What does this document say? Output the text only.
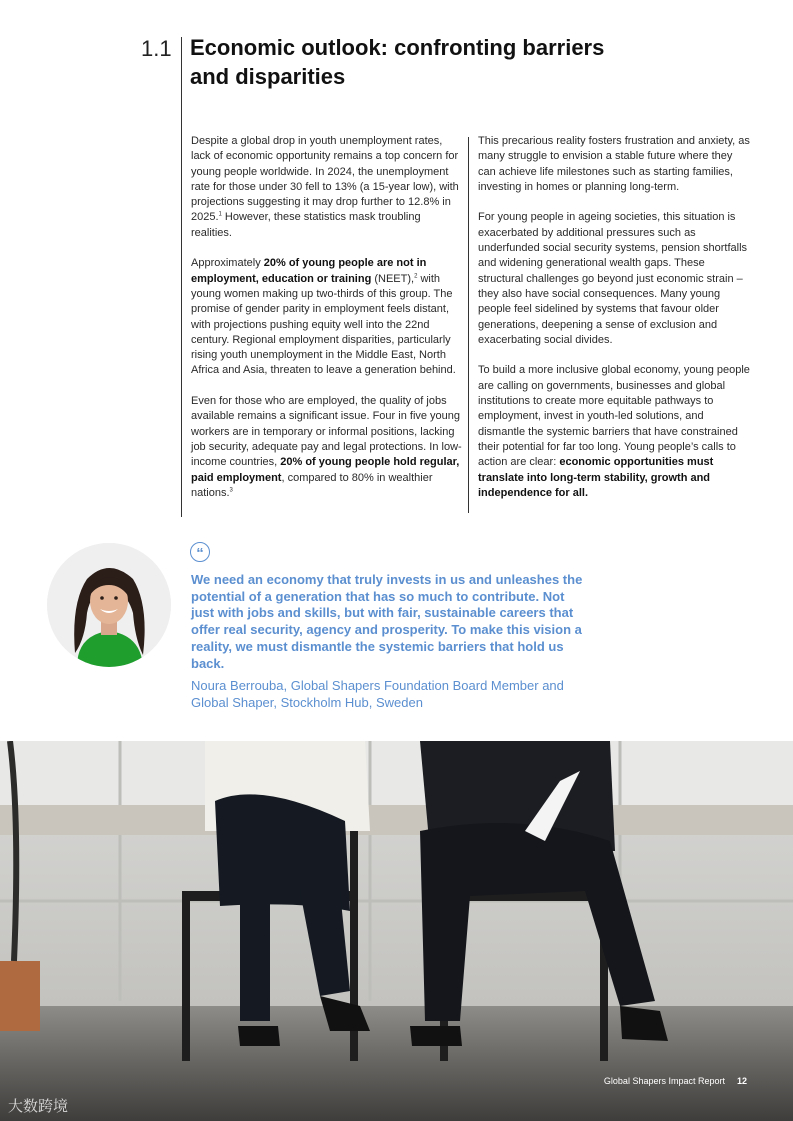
1.1 Economic outlook: confronting barriers
and disparities

Despite a global drop in youth unemployment rates, lack of economic opportunity remains a top concern for young people worldwide. In 2024, the unemployment rate for those under 30 fell to 13% (a 15-year low), with projections suggesting it may drop further to 12.8% in 2025.$^1$ However, these statistics mask troubling realities.

Approximately 20% of young people are not in employment, education or training (NEET),$^2$ with young women making up two-thirds of this group. The promise of gender parity in employment feels distant, with projections pushing equity well into the 22nd century. Regional employment disparities, particularly rising youth unemployment in the Middle East, North Africa and Asia, threaten to leave a generation behind.

Even for those who are employed, the quality of jobs available remains a significant issue. Four in five young workers are in temporary or informal positions, lacking job security, adequate pay and legal protections. In low-income countries, 20% of young people hold regular, paid employment, compared to 80% in wealthier nations.$^3$

This precarious reality fosters frustration and anxiety, as many struggle to envision a stable future where they can achieve life milestones such as starting families, investing in homes or planning long-term.

For young people in ageing societies, this situation is exacerbated by additional pressures such as underfunded social security systems, pension shortfalls and widening generational wealth gaps. These structural challenges go beyond just economic strain – they also have social consequences. Many young people feel sidelined by systems that favour older generations, deepening a sense of exclusion and exacerbating social divides.

To build a more inclusive global economy, young people are calling on governments, businesses and global institutions to create more equitable pathways to employment, invest in youth-led solutions, and dismantle the systemic barriers that have constrained their potential for far too long. Young people’s calls to action are clear: economic opportunities must translate into long-term stability, growth and independence for all.

“
We need an economy that truly invests in us and unleashes the potential of a generation that has so much to contribute. Not just with jobs and skills, but with fair, sustainable careers that offer real security, agency and prosperity. To make this vision a reality, we must dismantle the systemic barriers that hold us back.
Noura Berrouba, Global Shapers Foundation Board Member and Global Shaper, Stockholm Hub, Sweden
Global Shapers Impact Report 12
大数跨境
